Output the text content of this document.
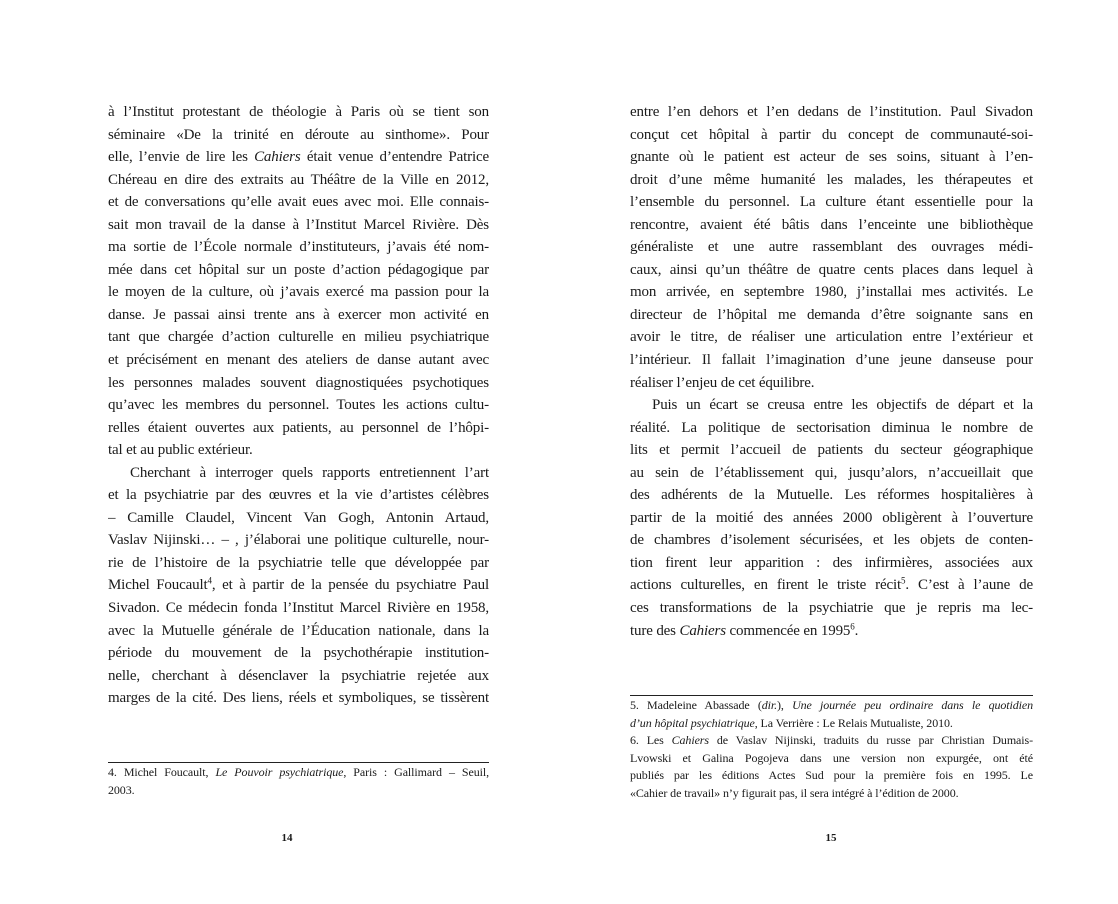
à l’Institut protestant de théologie à Paris où se tient son
séminaire «De la trinité en déroute au sinthome». Pour
elle, l’envie de lire les Cahiers était venue d’entendre Patrice
Chéreau en dire des extraits au Théâtre de la Ville en 2012,
et de conversations qu’elle avait eues avec moi. Elle connais-
sait mon travail de la danse à l’Institut Marcel Rivière. Dès
ma sortie de l’École normale d’instituteurs, j’avais été nom-
mée dans cet hôpital sur un poste d’action pédagogique par
le moyen de la culture, où j’avais exercé ma passion pour la
danse. Je passai ainsi trente ans à exercer mon activité en
tant que chargée d’action culturelle en milieu psychiatrique
et précisément en menant des ateliers de danse autant avec
les personnes malades souvent diagnostiquées psychotiques
qu’avec les membres du personnel. Toutes les actions cultu-
relles étaient ouvertes aux patients, au personnel de l’hôpi-
tal et au public extérieur.
Cherchant à interroger quels rapports entretiennent l’art
et la psychiatrie par des œuvres et la vie d’artistes célèbres
– Camille Claudel, Vincent Van Gogh, Antonin Artaud,
Vaslav Nijinski… – , j’élaborai une politique culturelle, nour-
rie de l’histoire de la psychiatrie telle que développée par
Michel Foucault$^4$, et à partir de la pensée du psychiatre Paul
Sivadon. Ce médecin fonda l’Institut Marcel Rivière en 1958,
avec la Mutuelle générale de l’Éducation nationale, dans la
période du mouvement de la psychothérapie institution-
nelle, cherchant à désenclaver la psychiatrie rejetée aux
marges de la cité. Des liens, réels et symboliques, se tissèrent
4. Michel Foucault, Le Pouvoir psychiatrique, Paris : Gallimard – Seuil,
2003.
14
entre l’en dehors et l’en dedans de l’institution. Paul Sivadon
conçut cet hôpital à partir du concept de communauté-soi-
gnante où le patient est acteur de ses soins, situant à l’en-
droit d’une même humanité les malades, les thérapeutes et
l’ensemble du personnel. La culture étant essentielle pour la
rencontre, avaient été bâtis dans l’enceinte une bibliothèque
généraliste et une autre rassemblant des ouvrages médi-
caux, ainsi qu’un théâtre de quatre cents places dans lequel à
mon arrivée, en septembre 1980, j’installai mes activités. Le
directeur de l’hôpital me demanda d’être soignante sans en
avoir le titre, de réaliser une articulation entre l’extérieur et
l’intérieur. Il fallait l’imagination d’une jeune danseuse pour
réaliser l’enjeu de cet équilibre.
Puis un écart se creusa entre les objectifs de départ et la
réalité. La politique de sectorisation diminua le nombre de
lits et permit l’accueil de patients du secteur géographique
au sein de l’établissement qui, jusqu’alors, n’accueillait que
des adhérents de la Mutuelle. Les réformes hospitalières à
partir de la moitié des années 2000 obligèrent à l’ouverture
de chambres d’isolement sécurisées, et les objets de conten-
tion firent leur apparition : des infirmières, associées aux
actions culturelles, en firent le triste récit$^5$. C’est à l’aune de
ces transformations de la psychiatrie que je repris ma lec-
ture des Cahiers commencée en 1995$^6$.
5. Madeleine Abassade (dir.), Une journée peu ordinaire dans le quotidien
d’un hôpital psychiatrique, La Verrière : Le Relais Mutualiste, 2010.
6. Les Cahiers de Vaslav Nijinski, traduits du russe par Christian Dumais-
Lvowski et Galina Pogojeva dans une version non expurgée, ont été
publiés par les éditions Actes Sud pour la première fois en 1995. Le
«Cahier de travail» n’y figurait pas, il sera intégré à l’édition de 2000.
15
